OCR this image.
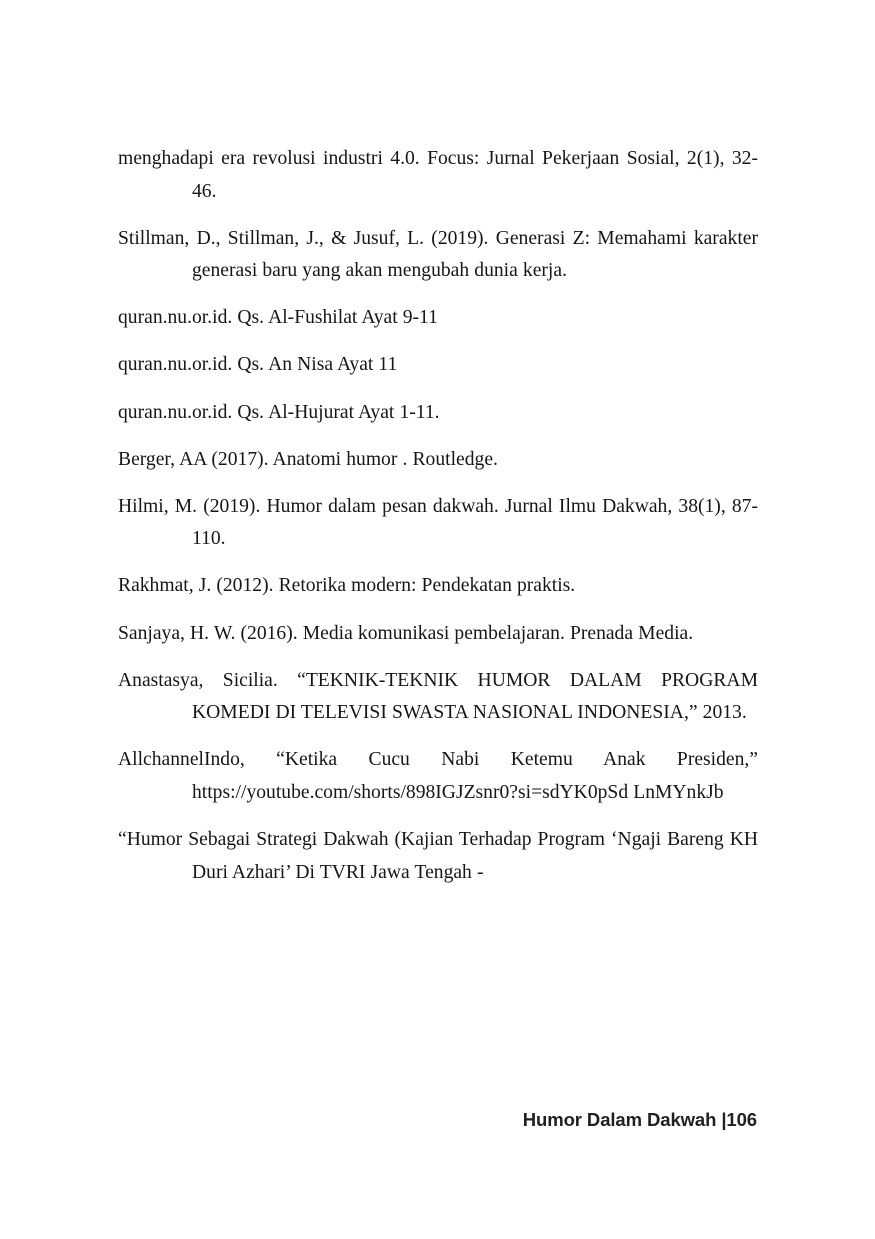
menghadapi era revolusi industri 4.0. Focus: Jurnal Pekerjaan Sosial, 2(1), 32-46.

Stillman, D., Stillman, J., & Jusuf, L. (2019). Generasi Z: Memahami karakter generasi baru yang akan mengubah dunia kerja.

quran.nu.or.id. Qs. Al-Fushilat Ayat 9-11

quran.nu.or.id. Qs. An Nisa Ayat 11

quran.nu.or.id. Qs. Al-Hujurat Ayat 1-11.

Berger, AA (2017). Anatomi humor . Routledge.

Hilmi, M. (2019). Humor dalam pesan dakwah. Jurnal Ilmu Dakwah, 38(1), 87-110.

Rakhmat, J. (2012). Retorika modern: Pendekatan praktis.

Sanjaya, H. W. (2016). Media komunikasi pembelajaran. Prenada Media.

Anastasya, Sicilia. “TEKNIK-TEKNIK HUMOR DALAM PROGRAM KOMEDI DI TELEVISI SWASTA NASIONAL INDONESIA,” 2013.

AllchannelIndo, “Ketika Cucu Nabi Ketemu Anak Presiden,” https://youtube.com/shorts/898IGJZsnr0?si=sdYK0pSd LnMYnkJb

“Humor Sebagai Strategi Dakwah (Kajian Terhadap Program ‘Ngaji Bareng KH Duri Azhari’ Di TVRI Jawa Tengah -

Humor Dalam Dakwah |106
